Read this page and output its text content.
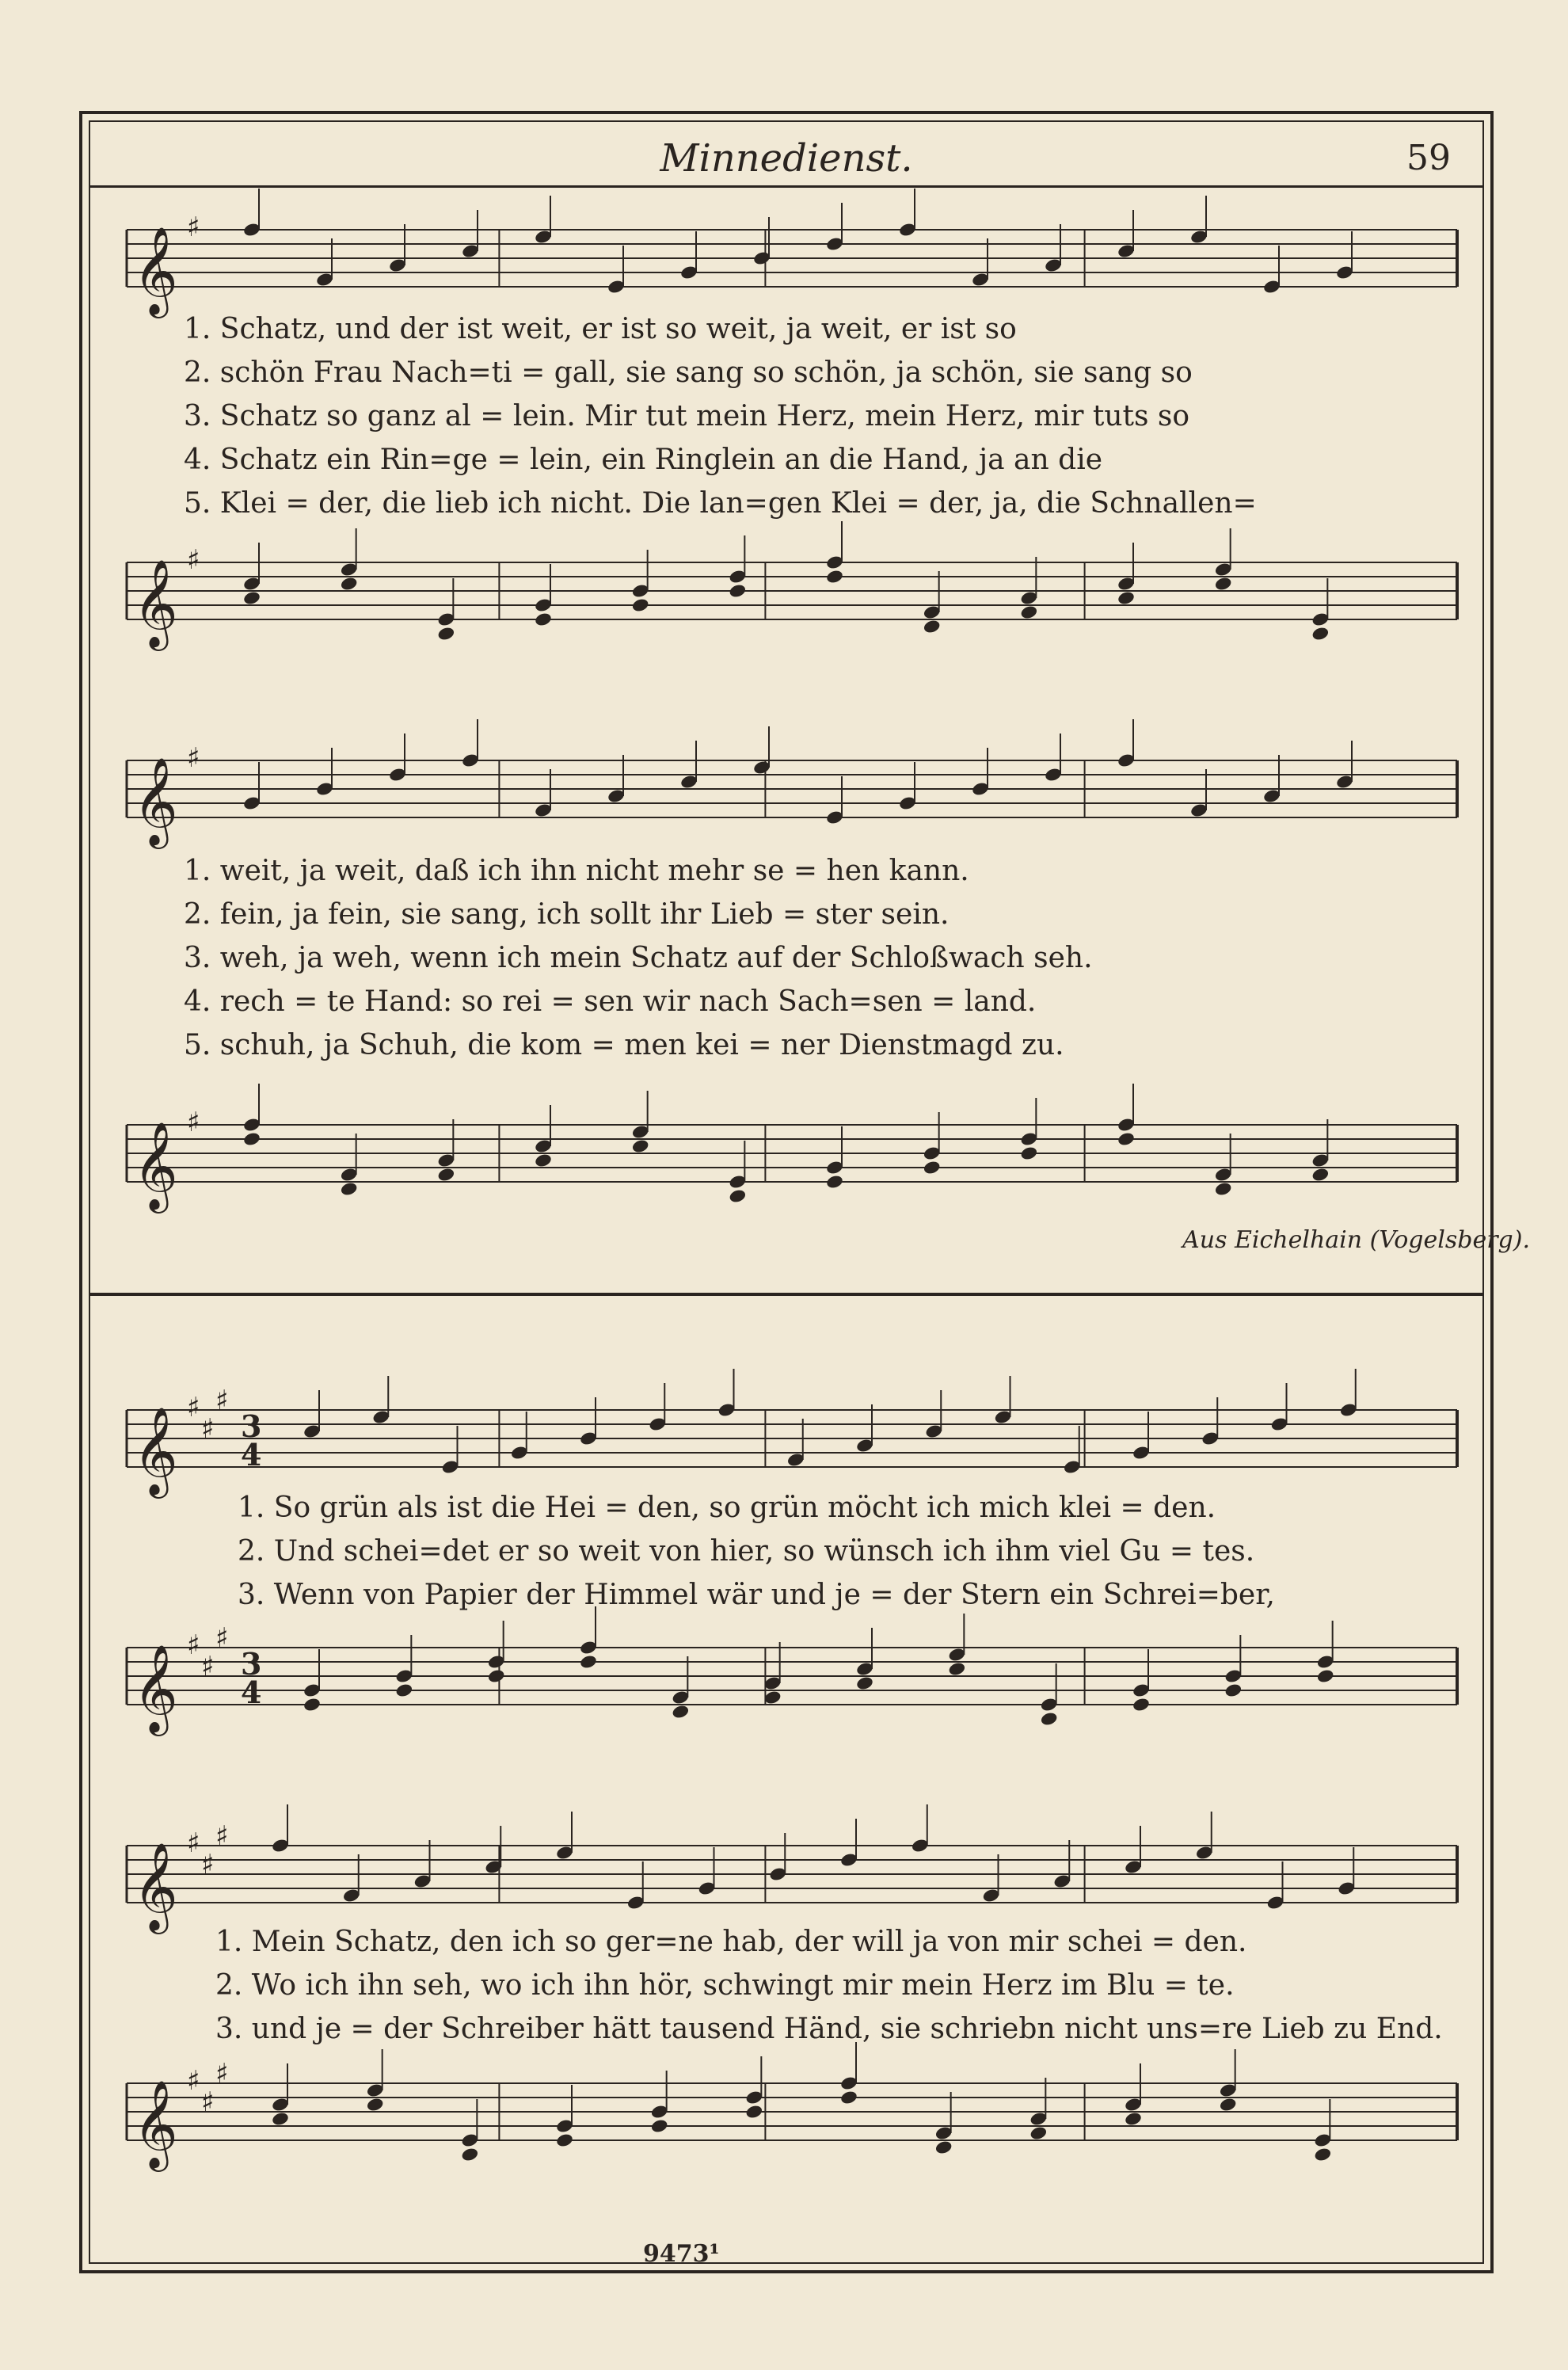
Minnedienst.	59
Aus Eichelhain (Vogelsberg).
9473¹
𝄞 ♯
1. Schatz, und der ist weit, er ist so weit, ja weit, er ist so
2. schön Frau Nach=ti = gall, sie sang so schön, ja schön, sie sang so
3. Schatz so ganz al = lein. Mir tut mein Herz, mein Herz, mir tuts so
4. Schatz ein Rin=ge = lein, ein Ringlein an die Hand, ja an die
5. Klei = der, die lieb ich nicht. Die lan=gen Klei = der, ja, die Schnallen=
𝄞 ♯
𝄞 ♯
1. weit, ja weit, daß ich ihn nicht mehr se = hen kann.
2. fein, ja fein, sie sang, ich sollt ihr Lieb = ster sein.
3. weh, ja weh, wenn ich mein Schatz auf der Schloßwach seh.
4. rech = te Hand: so rei = sen wir nach Sach=sen = land.
5. schuh, ja Schuh, die kom = men kei = ner Dienstmagd zu.
𝄞 ♯
𝄞 ♯
♯
♯
3
4
1. So grün als ist die Hei = den, so grün möcht ich mich klei = den.
2. Und schei=det er so weit von hier, so wünsch ich ihm viel Gu = tes.
3. Wenn von Papier der Himmel wär und je = der Stern ein Schrei=ber,
𝄞 ♯
♯
♯
3
4
𝄞 ♯
♯
♯
1. Mein Schatz, den ich so ger=ne hab, der will ja von mir schei = den.
2. Wo ich ihn seh, wo ich ihn hör, schwingt mir mein Herz im Blu = te.
3. und je = der Schreiber hätt tausend Händ, sie schriebn nicht uns=re Lieb zu End.
𝄞 ♯
♯
♯
